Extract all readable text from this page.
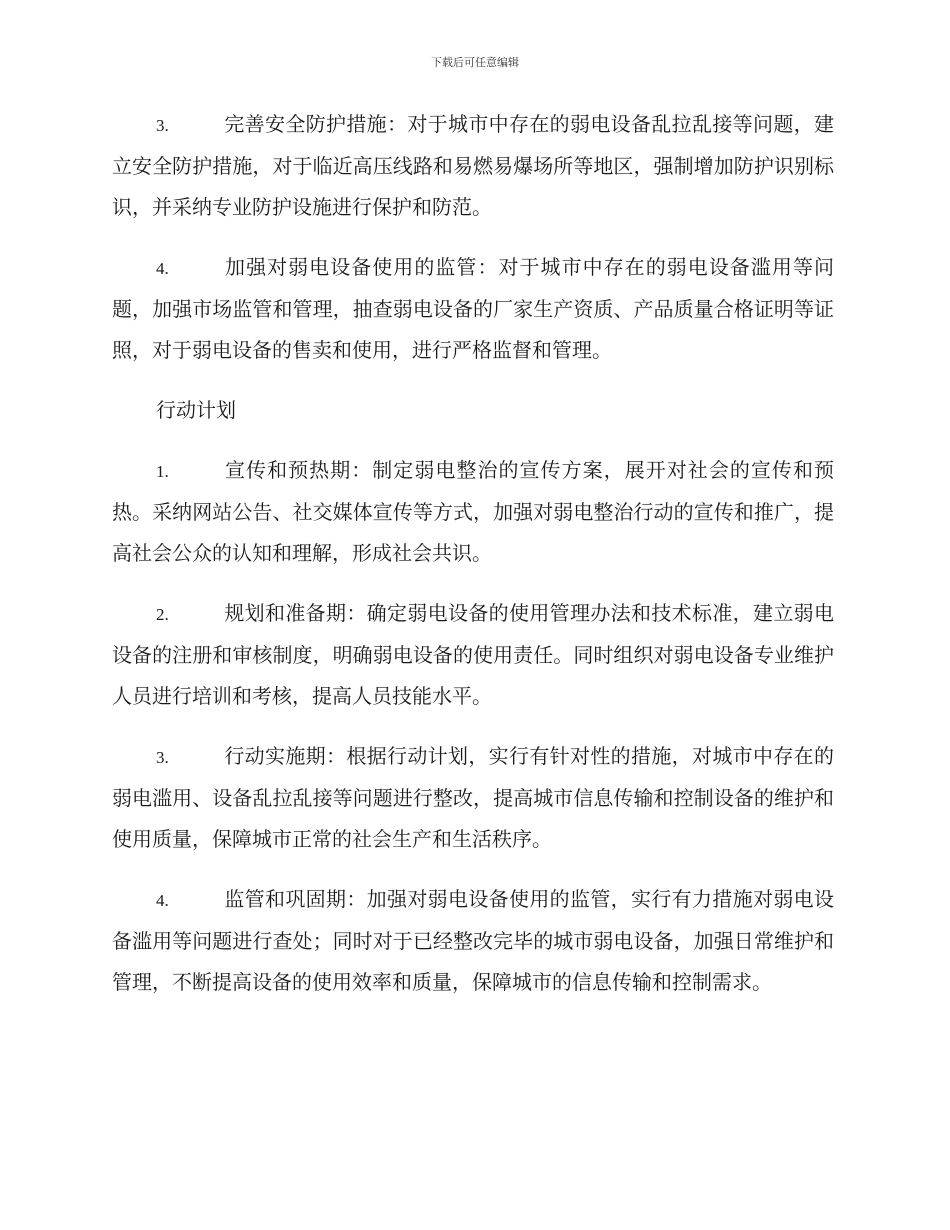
下载后可任意编辑

3.	完善安全防护措施：对于城市中存在的弱电设备乱拉乱接等问题，建立安全防护措施，对于临近高压线路和易燃易爆场所等地区，强制增加防护识别标识，并采纳专业防护设施进行保护和防范。

4.	加强对弱电设备使用的监管：对于城市中存在的弱电设备滥用等问题，加强市场监管和管理，抽查弱电设备的厂家生产资质、产品质量合格证明等证照，对于弱电设备的售卖和使用，进行严格监督和管理。

行动计划

1.	宣传和预热期：制定弱电整治的宣传方案，展开对社会的宣传和预热。采纳网站公告、社交媒体宣传等方式，加强对弱电整治行动的宣传和推广，提高社会公众的认知和理解，形成社会共识。

2.	规划和准备期：确定弱电设备的使用管理办法和技术标准，建立弱电设备的注册和审核制度，明确弱电设备的使用责任。同时组织对弱电设备专业维护人员进行培训和考核，提高人员技能水平。

3.	行动实施期：根据行动计划，实行有针对性的措施，对城市中存在的弱电滥用、设备乱拉乱接等问题进行整改，提高城市信息传输和控制设备的维护和使用质量，保障城市正常的社会生产和生活秩序。

4.	监管和巩固期：加强对弱电设备使用的监管，实行有力措施对弱电设备滥用等问题进行查处；同时对于已经整改完毕的城市弱电设备，加强日常维护和管理，不断提高设备的使用效率和质量，保障城市的信息传输和控制需求。
